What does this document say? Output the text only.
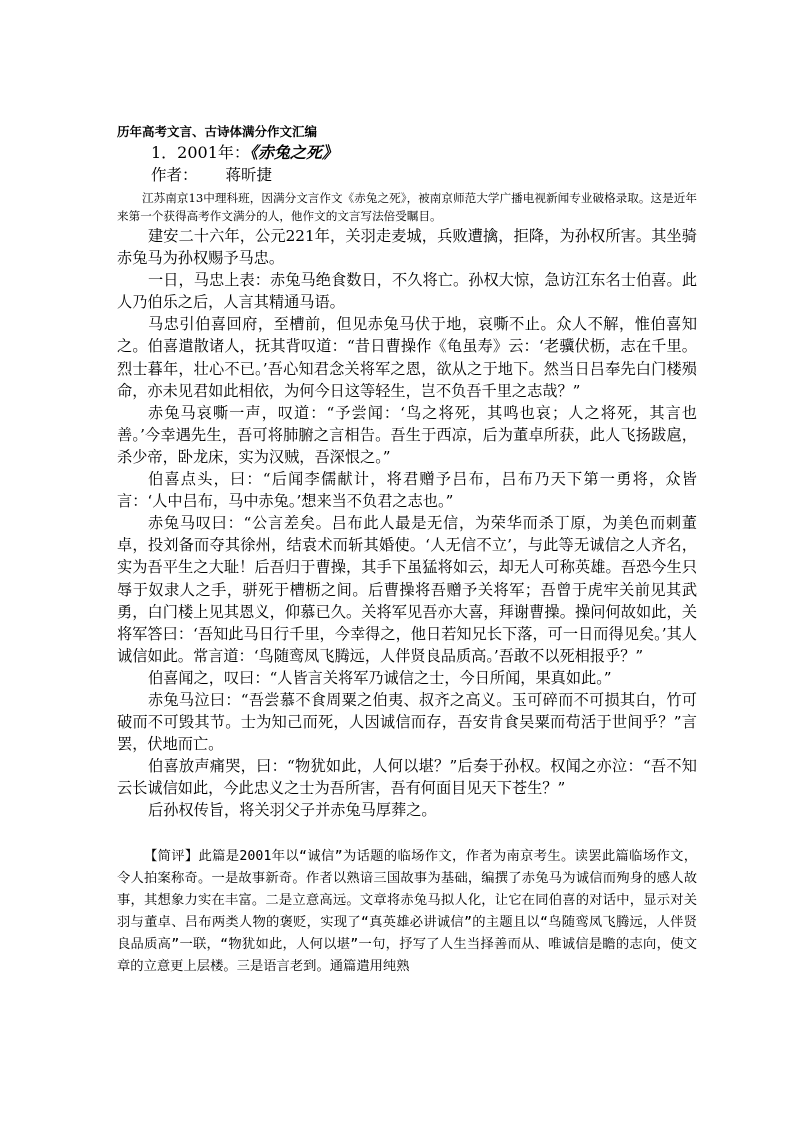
历年高考文言、古诗体满分作文汇编

1．2001年：《赤兔之死》

作者： 蒋昕捷

江苏南京13中理科班，因满分文言作文《赤兔之死》，被南京师范大学广播电视新闻专业破格录取。这是近年来第一个获得高考作文满分的人，他作文的文言写法倍受瞩目。

建安二十六年，公元221年，关羽走麦城，兵败遭擒，拒降，为孙权所害。其坐骑赤兔马为孙权赐予马忠。

一日，马忠上表：赤兔马绝食数日，不久将亡。孙权大惊，急访江东名士伯喜。此人乃伯乐之后，人言其精通马语。

马忠引伯喜回府，至槽前，但见赤兔马伏于地，哀嘶不止。众人不解，惟伯喜知之。伯喜遣散诸人，抚其背叹道：“昔日曹操作《龟虽寿》云：‘老骥伏枥，志在千里。烈士暮年，壮心不已。’吾心知君念关将军之恩，欲从之于地下。然当日吕奉先白门楼殒命，亦未见君如此相依，为何今日这等轻生，岂不负吾千里之志哉？”

赤兔马哀嘶一声，叹道：“予尝闻：‘鸟之将死，其鸣也哀；人之将死，其言也善。’今幸遇先生，吾可将肺腑之言相告。吾生于西凉，后为董卓所获，此人飞扬跋扈，杀少帝，卧龙床，实为汉贼，吾深恨之。”

伯喜点头，曰：“后闻李儒献计，将君赠予吕布，吕布乃天下第一勇将，众皆言：‘人中吕布，马中赤兔。’想来当不负君之志也。”

赤兔马叹曰：“公言差矣。吕布此人最是无信，为荣华而杀丁原，为美色而刺董卓，投刘备而夺其徐州，结袁术而斩其婚使。‘人无信不立’，与此等无诚信之人齐名，实为吾平生之大耻！后吾归于曹操，其手下虽猛将如云，却无人可称英雄。吾恐今生只辱于奴隶人之手，骈死于槽枥之间。后曹操将吾赠予关将军；吾曾于虎牢关前见其武勇，白门楼上见其恩义，仰慕已久。关将军见吾亦大喜，拜谢曹操。操问何故如此，关将军答曰：‘吾知此马日行千里，今幸得之，他日若知兄长下落，可一日而得见矣。’其人诚信如此。常言道：‘鸟随鸾凤飞腾远，人伴贤良品质高。’吾敢不以死相报乎？”

伯喜闻之，叹曰：“人皆言关将军乃诚信之士，今日所闻，果真如此。”

赤兔马泣曰：“吾尝慕不食周粟之伯夷、叔齐之高义。玉可碎而不可损其白，竹可破而不可毁其节。士为知己而死，人因诚信而存，吾安肯食吴粟而苟活于世间乎？”言罢，伏地而亡。

伯喜放声痛哭，曰：“物犹如此，人何以堪？”后奏于孙权。权闻之亦泣：“吾不知云长诚信如此，今此忠义之士为吾所害，吾有何面目见天下苍生？”

后孙权传旨，将关羽父子并赤兔马厚葬之。

【简评】此篇是2001年以“诚信”为话题的临场作文，作者为南京考生。读罢此篇临场作文，令人拍案称奇。一是故事新奇。作者以熟谙三国故事为基础，编撰了赤兔马为诚信而殉身的感人故事，其想象力实在丰富。二是立意高远。文章将赤兔马拟人化，让它在同伯喜的对话中，显示对关羽与董卓、吕布两类人物的褒贬，实现了“真英雄必讲诚信”的主题且以“鸟随鸾凤飞腾远，人伴贤良品质高”一联，“物犹如此，人何以堪”一句，抒写了人生当择善而从、唯诚信是瞻的志向，使文章的立意更上层楼。三是语言老到。通篇遣用纯熟
